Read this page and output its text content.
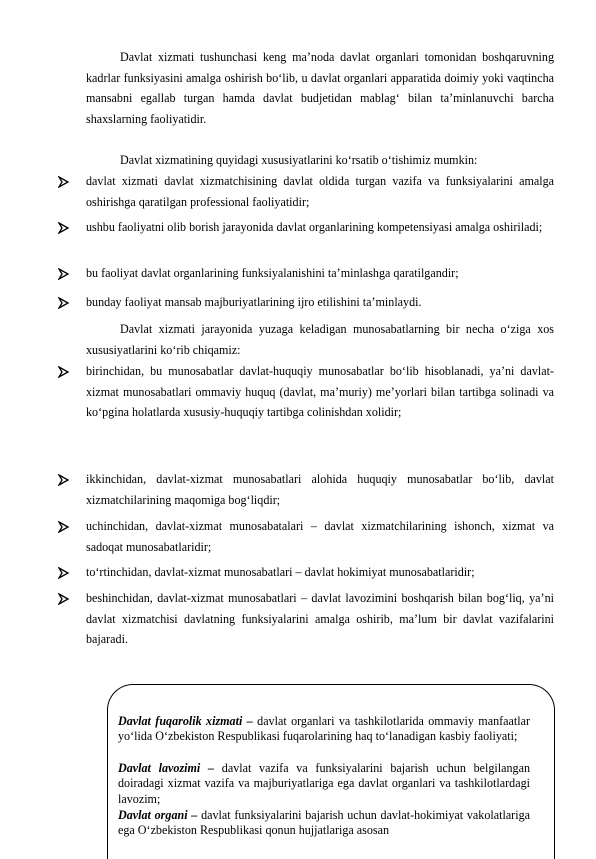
Davlat xizmati tushunchasi keng ma’noda davlat organlari tomonidan boshqaruvning kadrlar funksiyasini amalga oshirish bo‘lib, u davlat organlari apparatida doimiy yoki vaqtincha mansabni egallab turgan hamda davlat budjetidan mablag‘ bilan ta’minlanuvchi barcha shaxslarning faoliyatidir.

Davlat xizmatining quyidagi xususiyatlarini ko‘rsatib o‘tishimiz mumkin:

davlat xizmati davlat xizmatchisining davlat oldida turgan vazifa va funksiyalarini amalga oshirishga qaratilgan professional faoliyatidir;

ushbu faoliyatni olib borish jarayonida davlat organlarining kompetensiyasi amalga oshiriladi;

bu faoliyat davlat organlarining funksiyalanishini ta’minlashga qaratilgandir;

bunday faoliyat mansab majburiyatlarining ijro etilishini ta’minlaydi.

Davlat xizmati jarayonida yuzaga keladigan munosabatlarning bir necha o‘ziga xos xususiyatlarini ko‘rib chiqamiz:

birinchidan, bu munosabatlar davlat-huquqiy munosabatlar bo‘lib hisoblanadi, ya’ni davlat-xizmat munosabatlari ommaviy huquq (davlat, ma’muriy) me’yorlari bilan tartibga solinadi va ko‘pgina holatlarda xususiy-huquqiy tartibga colinishdan xolidir;

ikkinchidan, davlat-xizmat munosabatlari alohida huquqiy munosabatlar bo‘lib, davlat xizmatchilarining maqomiga bog‘liqdir;

uchinchidan, davlat-xizmat munosabatalari – davlat xizmatchilarining ishonch, xizmat va sadoqat munosabatlaridir;

to‘rtinchidan, davlat-xizmat munosabatlari – davlat hokimiyat munosabatlaridir;

beshinchidan, davlat-xizmat munosabatlari – davlat lavozimini boshqarish bilan bog‘liq, ya’ni davlat xizmatchisi davlatning funksiyalarini amalga oshirib, ma’lum bir davlat vazifalarini bajaradi.

Davlat fuqarolik xizmati – davlat organlari va tashkilotlarida ommaviy manfaatlar yo‘lida O‘zbekiston Respublikasi fuqarolarining haq to‘lanadigan kasbiy faoliyati;

Davlat lavozimi – davlat vazifa va funksiyalarini bajarish uchun belgilangan doiradagi xizmat vazifa va majburiyatlariga ega davlat organlari va tashkilotlardagi lavozim;

Davlat organi – davlat funksiyalarini bajarish uchun davlat-hokimiyat vakolatlariga ega O‘zbekiston Respublikasi qonun hujjatlariga asosan
